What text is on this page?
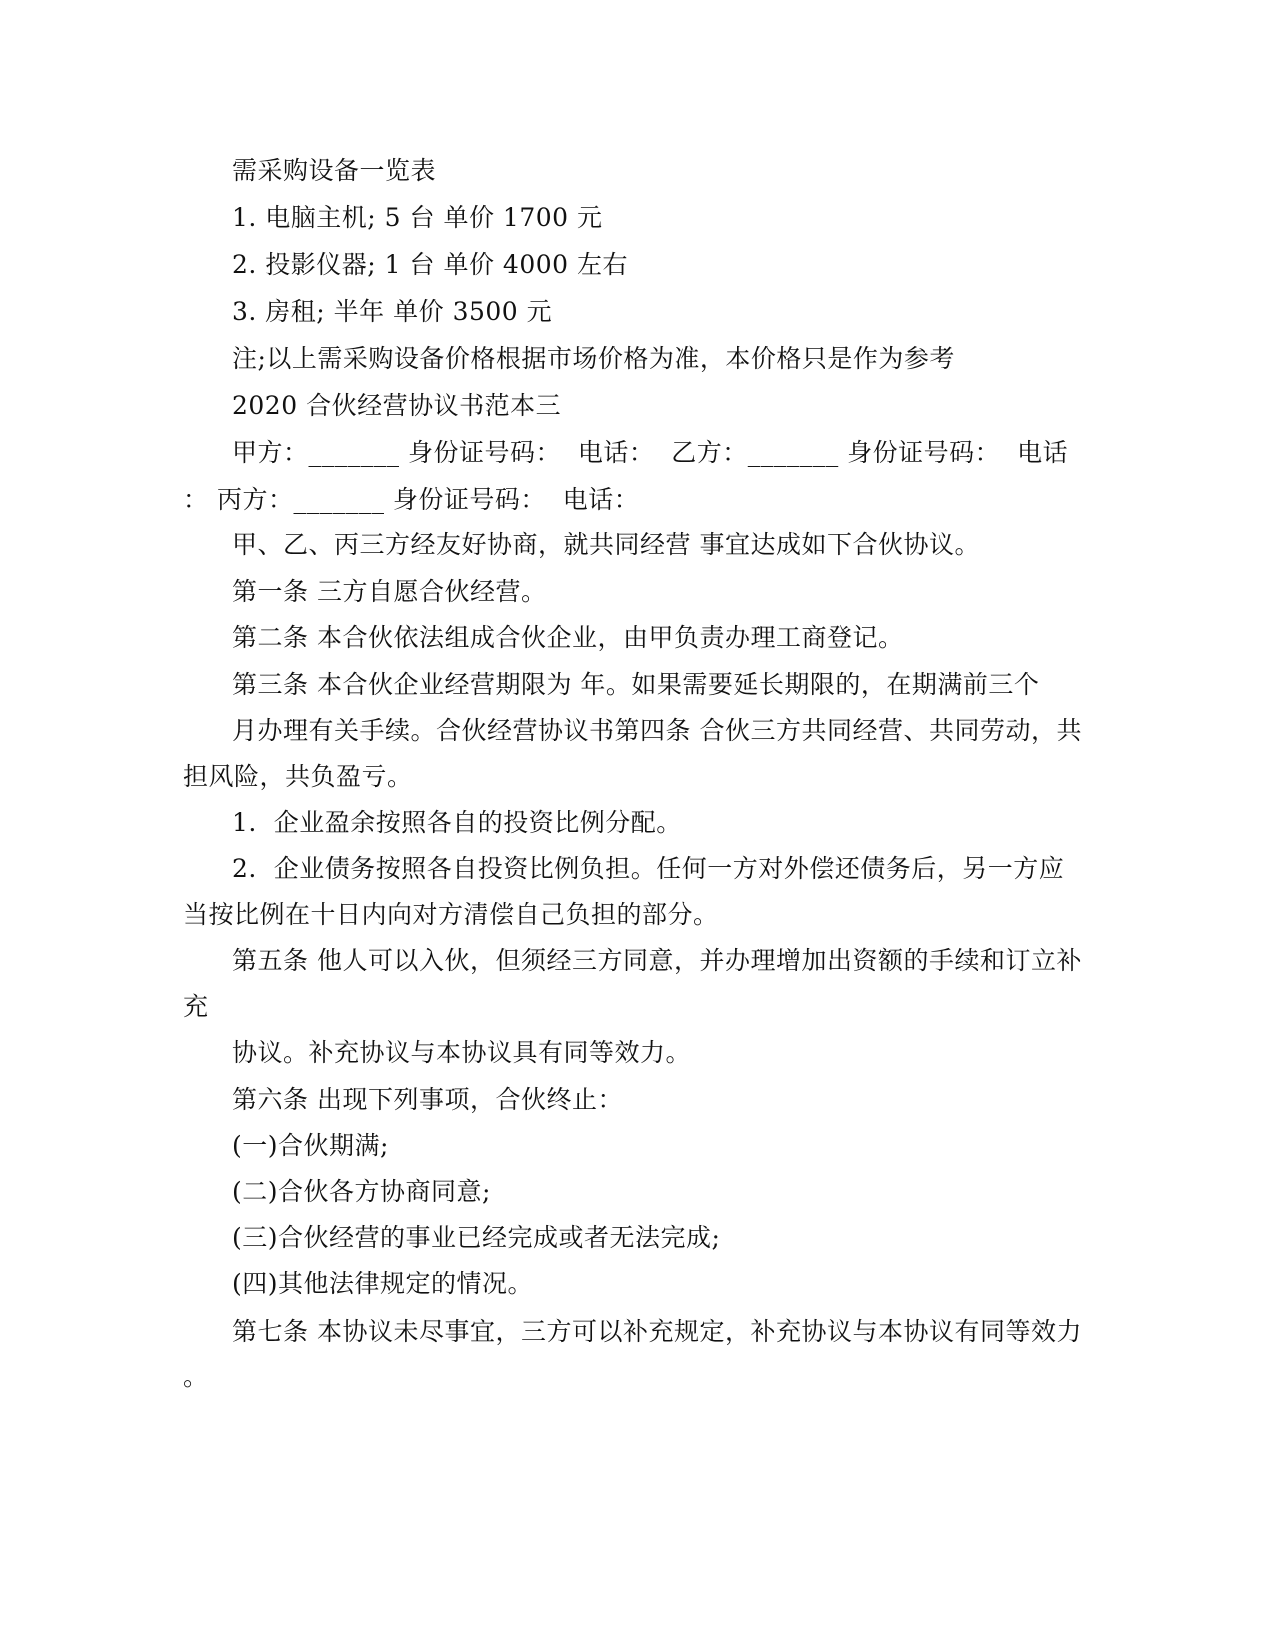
需采购设备一览表
1. 电脑主机; 5 台 单价 1700 元
2. 投影仪器; 1 台 单价 4000 左右
3. 房租; 半年 单价 3500 元
注;以上需采购设备价格根据市场价格为准，本价格只是作为参考
2020 合伙经营协议书范本三
甲方：_______ 身份证号码：  电话：  乙方：_______ 身份证号码：  电话
： 丙方：_______ 身份证号码：  电话：
甲、乙、丙三方经友好协商，就共同经营 事宜达成如下合伙协议。
第一条 三方自愿合伙经营。
第二条 本合伙依法组成合伙企业，由甲负责办理工商登记。
第三条 本合伙企业经营期限为 年。如果需要延长期限的，在期满前三个
月办理有关手续。合伙经营协议书第四条 合伙三方共同经营、共同劳动，共
担风险，共负盈亏。
1.  企业盈余按照各自的投资比例分配。
2.  企业债务按照各自投资比例负担。任何一方对外偿还债务后，另一方应
当按比例在十日内向对方清偿自己负担的部分。
第五条 他人可以入伙，但须经三方同意，并办理增加出资额的手续和订立补
充
协议。补充协议与本协议具有同等效力。
第六条 出现下列事项，合伙终止：
(一)合伙期满;
(二)合伙各方协商同意;
(三)合伙经营的事业已经完成或者无法完成;
(四)其他法律规定的情况。
第七条 本协议未尽事宜，三方可以补充规定，补充协议与本协议有同等效力
。
